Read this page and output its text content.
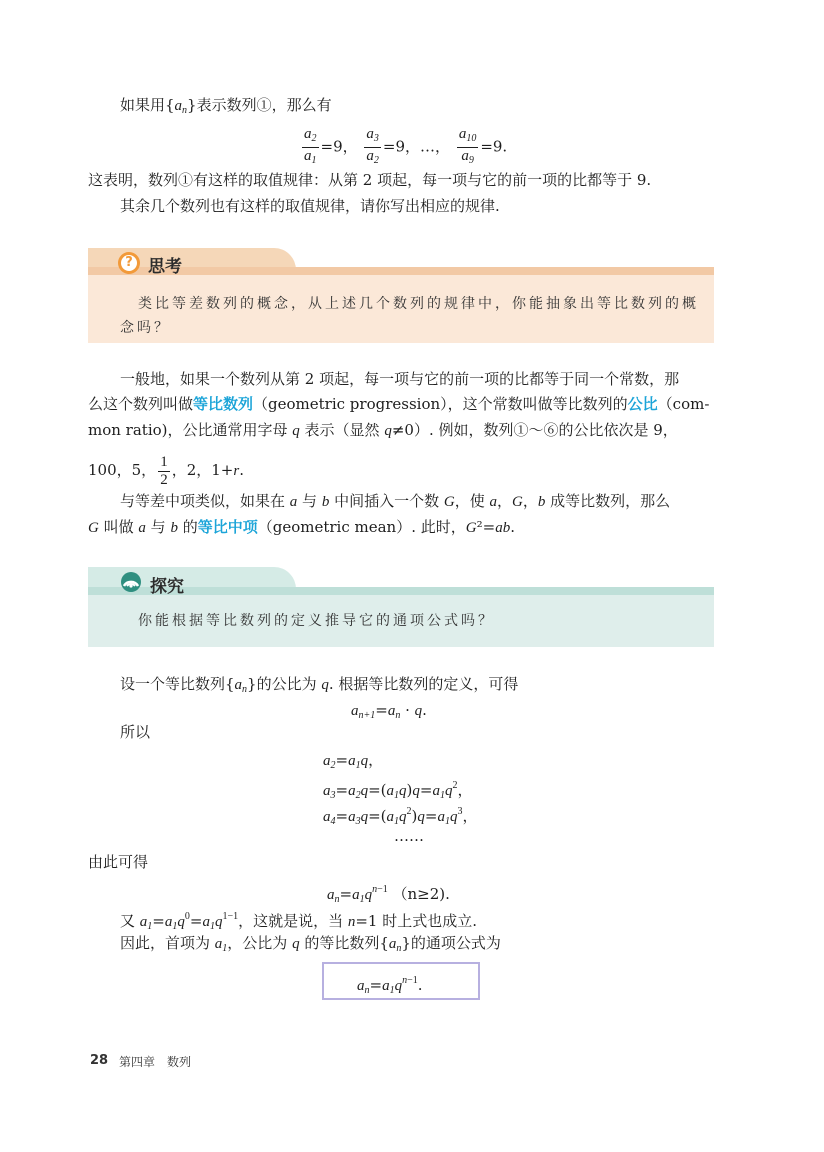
如果用$\{a_n\}$表示数列①，那么有
$\frac{a_2}{a_1} =9$， $\frac{a_3}{a_2} =9$，…， $\frac{a_{10}}{a_9} =9$.
这表明，数列①有这样的取值规律：从第 2 项起，每一项与它的前一项的比都等于 9.
其余几个数列也有这样的取值规律，请你写出相应的规律.
? 思考
类比等差数列的概念，从上述几个数列的规律中，你能抽象出等比数列的概
念吗？
一般地，如果一个数列从第 2 项起，每一项与它的前一项的比都等于同一个常数，那
么这个数列叫做等比数列（geometric progression），这个常数叫做等比数列的公比（com-
mon ratio)，公比通常用字母 q 表示（显然 q≠0）. 例如，数列①～⑥的公比依次是 9，
100，5， $\frac{1}{2}$ ，2，1+r.
与等差中项类似，如果在 a 与 b 中间插入一个数 G，使 a，G，b 成等比数列，那么
G 叫做 a 与 b 的等比中项（geometric mean）. 此时，G²=ab.
探究
你能根据等比数列的定义推导它的通项公式吗？
设一个等比数列$\{a_n\}$的公比为 q. 根据等比数列的定义，可得
$a_{n+1}=a_n \cdot q$.
所以
$a_2=a_1q$，
$a_3=a_2q=(a_1q)q=a_1q^2$，
$a_4=a_3q=(a_1q^2)q=a_1q^3$，
……
由此可得
$a_n=a_1q^{n-1}$ （n≥2).
又 $a_1=a_1q^0=a_1q^{1-1}$，这就是说，当 n=1 时上式也成立.
因此，首项为 $a_1$，公比为 q 的等比数列$\{a_n\}$的通项公式为
$a_n=a_1q^{n-1}$.
28 第四章　数列
